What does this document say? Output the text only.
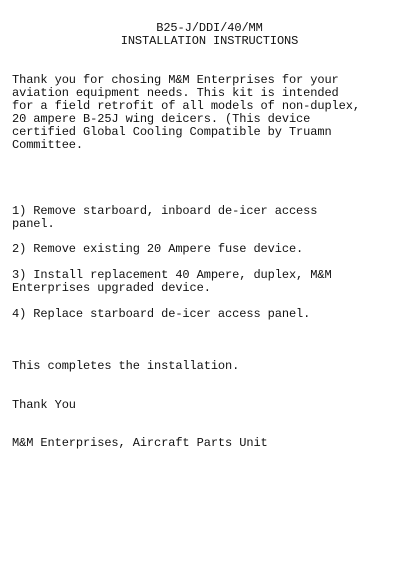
B25-J/DDI/40/MM
INSTALLATION INSTRUCTIONS
Thank you for chosing M&M Enterprises for your
aviation equipment needs. This kit is intended
for a field retrofit of all models of non-duplex,
20 ampere B-25J wing deicers. (This device
certified Global Cooling Compatible by Truamn
Committee.
1) Remove starboard, inboard de-icer access
panel.
2) Remove existing 20 Ampere fuse device.
3) Install replacement 40 Ampere, duplex, M&M
Enterprises upgraded device.
4) Replace starboard de-icer access panel.
This completes the installation.
Thank You
M&M Enterprises, Aircraft Parts Unit
